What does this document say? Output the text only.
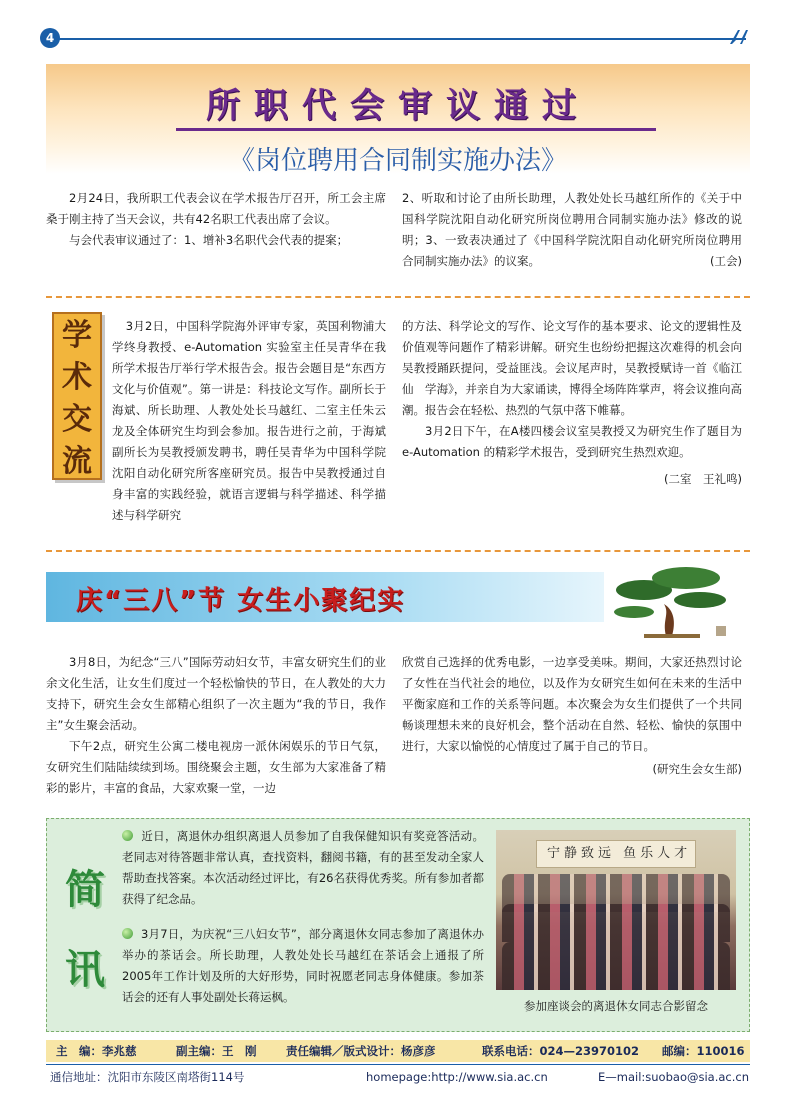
4
所职代会审议通过
《岗位聘用合同制实施办法》

2月24日，我所职工代表会议在学术报告厅召开，所工会主席桑于刚主持了当天会议，共有42名职工代表出席了会议。

与会代表审议通过了：1、增补3名职代会代表的提案；

2、听取和讨论了由所长助理，人教处处长马越红所作的《关于中国科学院沈阳自动化研究所岗位聘用合同制实施办法》修改的说明；3、一致表决通过了《中国科学院沈阳自动化研究所岗位聘用合同制实施办法》的议案。	(工会)

学
术
交
流

3月2日，中国科学院海外评审专家，英国利物浦大学终身教授、e-Automation 实验室主任吴青华在我所学术报告厅举行学术报告会。报告会题目是“东西方文化与价值观”。第一讲是：科技论文写作。副所长于海斌、所长助理、人教处处长马越红、二室主任朱云龙及全体研究生均到会参加。报告进行之前，于海斌副所长为吴教授颁发聘书，聘任吴青华为中国科学院沈阳自动化研究所客座研究员。报告中吴教授通过自身丰富的实践经验，就语言逻辑与科学描述、科学描述与科学研究

的方法、科学论文的写作、论文写作的基本要求、论文的逻辑性及价值观等问题作了精彩讲解。研究生也纷纷把握这次难得的机会向吴教授踊跃提问，受益匪浅。会议尾声时，吴教授赋诗一首《临江仙　学海》，并亲自为大家诵读，博得全场阵阵掌声，将会议推向高潮。报告会在轻松、热烈的气氛中落下帷幕。

3月2日下午，在A楼四楼会议室吴教授又为研究生作了题目为 e-Automation 的精彩学术报告，受到研究生热烈欢迎。

(二室　王礼鸣)

庆“三八”节 女生小聚纪实

3月8日，为纪念“三八”国际劳动妇女节，丰富女研究生们的业余文化生活，让女生们度过一个轻松愉快的节日，在人教处的大力支持下，研究生会女生部精心组织了一次主题为“我的节日，我作主”女生聚会活动。

下午2点，研究生公寓二楼电视房一派休闲娱乐的节日气氛，女研究生们陆陆续续到场。围绕聚会主题，女生部为大家准备了精彩的影片，丰富的食品，大家欢聚一堂，一边

欣赏自己选择的优秀电影，一边享受美味。期间，大家还热烈讨论了女性在当代社会的地位，以及作为女研究生如何在未来的生活中平衡家庭和工作的关系等问题。本次聚会为女生们提供了一个共同畅谈理想未来的良好机会，整个活动在自然、轻松、愉快的氛围中进行，大家以愉悦的心情度过了属于自己的节日。

(研究生会女生部)

简
讯

近日，离退休办组织离退人员参加了自我保健知识有奖竞答活动。老同志对待答题非常认真，查找资料，翻阅书籍，有的甚至发动全家人帮助查找答案。本次活动经过评比，有26名获得优秀奖。所有参加者都获得了纪念品。

3月7日，为庆祝“三八妇女节”，部分离退休女同志参加了离退休办举办的茶话会。所长助理，人教处处长马越红在茶话会上通报了所2005年工作计划及所的大好形势，同时祝愿老同志身体健康。参加茶话会的还有人事处副处长蒋运枫。

宁静致远 鱼乐人才
参加座谈会的离退休女同志合影留念
主　编：李兆慈	副主编：王　刚	责任编辑／版式设计：杨彦彦	联系电话：024—23970102 邮编：110016
通信地址：沈阳市东陵区南塔街114号	homepage:http://www.sia.ac.cn	E—mail:suobao@sia.ac.cn
